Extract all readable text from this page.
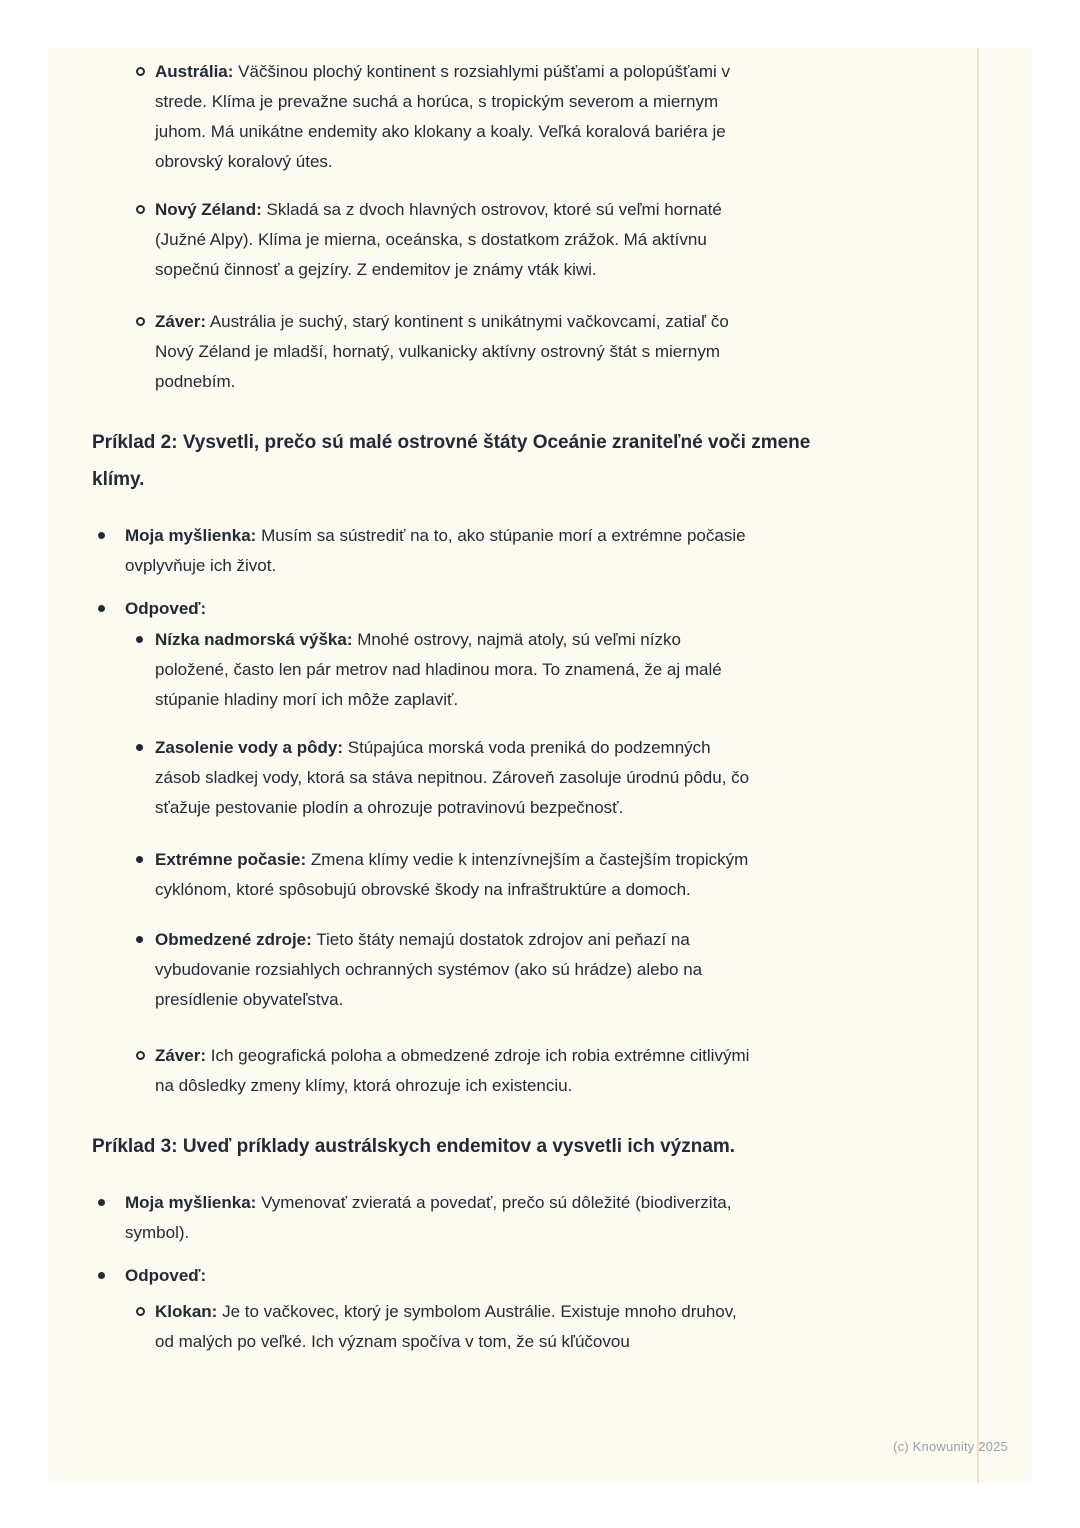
Austrália: Väčšinou plochý kontinent s rozsiahlymi púšťami a polopúšťami v strede. Klíma je prevažne suchá a horúca, s tropickým severom a miernym juhom. Má unikátne endemity ako klokany a koaly. Veľká koralová bariéra je obrovský koralový útes.

Nový Zéland: Skladá sa z dvoch hlavných ostrovov, ktoré sú veľmi hornaté (Južné Alpy). Klíma je mierna, oceánska, s dostatkom zrážok. Má aktívnu sopečnú činnosť a gejzíry. Z endemitov je známy vták kiwi.

Záver: Austrália je suchý, starý kontinent s unikátnymi vačkovcami, zatiaľ čo Nový Zéland je mladší, hornatý, vulkanicky aktívny ostrovný štát s miernym podnebím.

Príklad 2: Vysvetli, prečo sú malé ostrovné štáty Oceánie zraniteľné voči zmene klímy.

Moja myšlienka: Musím sa sústrediť na to, ako stúpanie morí a extrémne počasie ovplyvňuje ich život.

Odpoveď:

Nízka nadmorská výška: Mnohé ostrovy, najmä atoly, sú veľmi nízko položené, často len pár metrov nad hladinou mora. To znamená, že aj malé stúpanie hladiny morí ich môže zaplaviť.

Zasolenie vody a pôdy: Stúpajúca morská voda preniká do podzemných zásob sladkej vody, ktorá sa stáva nepitnou. Zároveň zasoluje úrodnú pôdu, čo sťažuje pestovanie plodín a ohrozuje potravinovú bezpečnosť.

Extrémne počasie: Zmena klímy vedie k intenzívnejším a častejším tropickým cyklónom, ktoré spôsobujú obrovské škody na infraštruktúre a domoch.

Obmedzené zdroje: Tieto štáty nemajú dostatok zdrojov ani peňazí na vybudovanie rozsiahlych ochranných systémov (ako sú hrádze) alebo na presídlenie obyvateľstva.

Záver: Ich geografická poloha a obmedzené zdroje ich robia extrémne citlivými na dôsledky zmeny klímy, ktorá ohrozuje ich existenciu.

Príklad 3: Uveď príklady austrálskych endemitov a vysvetli ich význam.

Moja myšlienka: Vymenovať zvieratá a povedať, prečo sú dôležité (biodiverzita, symbol).

Odpoveď:

Klokan: Je to vačkovec, ktorý je symbolom Austrálie. Existuje mnoho druhov, od malých po veľké. Ich význam spočíva v tom, že sú kľúčovou

(c) Knowunity 2025
